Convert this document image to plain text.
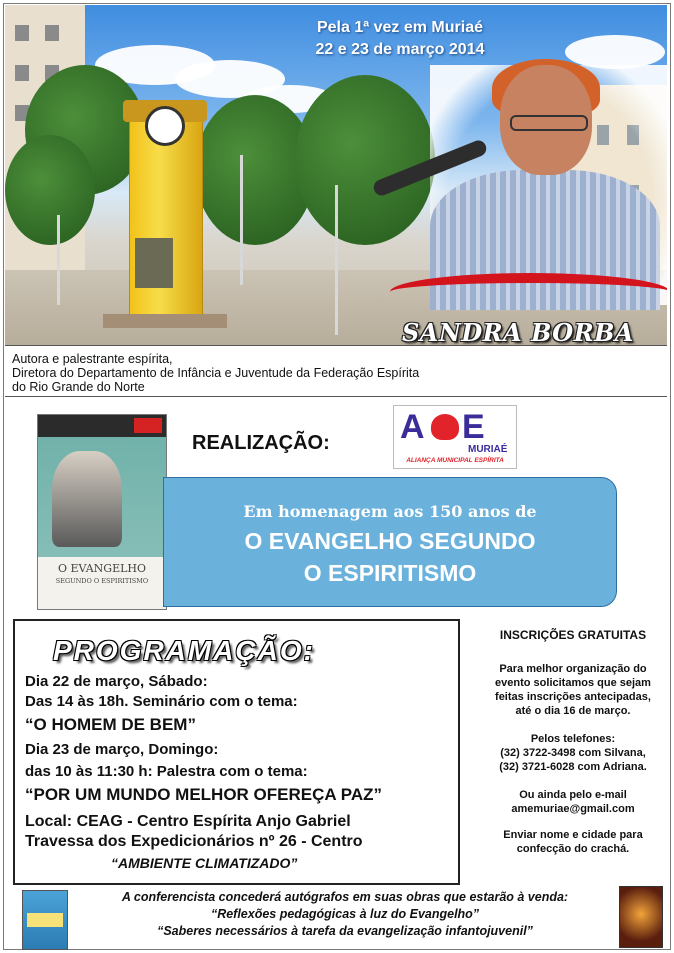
Pela 1ª vez em Muriaé
22 e 23 de março 2014
SANDRA BORBA
Autora e palestrante espírita,
Diretora do Departamento de Infância e Juventude da Federação Espírita
do Rio Grande do Norte
O EVANGELHO
SEGUNDO O ESPIRITISMO
REALIZAÇÃO: A E
MURIAÉ
ALIANÇA MUNICIPAL ESPÍRITA
Em homenagem aos 150 anos de
O EVANGELHO SEGUNDO
O ESPIRITISMO
PROGRAMAÇÃO:
Dia 22 de março, Sábado:
Das 14 às 18h. Seminário com o tema:
“O HOMEM DE BEM”
Dia 23 de março, Domingo:
das 10 às 11:30 h: Palestra com o tema:
“POR UM MUNDO MELHOR OFEREÇA PAZ”
Local: CEAG - Centro Espírita Anjo Gabriel
Travessa dos Expedicionários nº 26 - Centro
“AMBIENTE CLIMATIZADO”
INSCRIÇÕES GRATUITAS
Para melhor organização do
evento solicitamos que sejam
feitas inscrições antecipadas,
até o dia 16 de março.
Pelos telefones:
(32) 3722-3498 com Silvana,
(32) 3721-6028 com Adriana.
Ou ainda pelo e-mail
amemuriae@gmail.com
Enviar nome e cidade para
confecção do crachá.
A conferencista concederá autógrafos em suas obras que estarão à venda:
“Reflexões pedagógicas à luz do Evangelho”
“Saberes necessários à tarefa da evangelização infantojuvenil”
